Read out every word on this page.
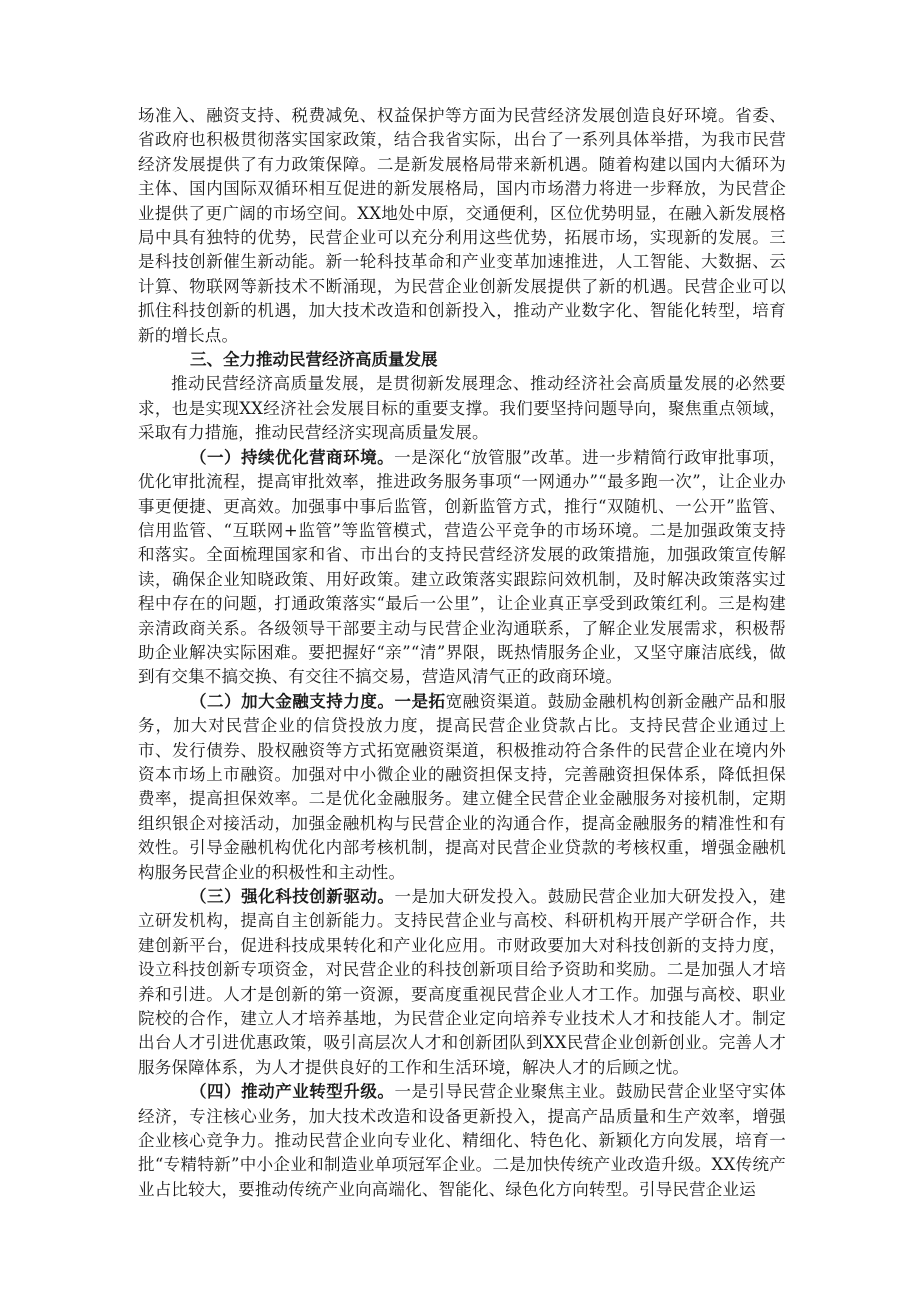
场准入、融资支持、税费减免、权益保护等方面为民营经济发展创造良好环境。省委、省政府也积极贯彻落实国家政策，结合我省实际，出台了一系列具体举措，为我市民营经济发展提供了有力政策保障。二是新发展格局带来新机遇。随着构建以国内大循环为主体、国内国际双循环相互促进的新发展格局，国内市场潜力将进一步释放，为民营企业提供了更广阔的市场空间。XX地处中原，交通便利，区位优势明显，在融入新发展格局中具有独特的优势，民营企业可以充分利用这些优势，拓展市场，实现新的发展。三是科技创新催生新动能。新一轮科技革命和产业变革加速推进，人工智能、大数据、云计算、物联网等新技术不断涌现，为民营企业创新发展提供了新的机遇。民营企业可以抓住科技创新的机遇，加大技术改造和创新投入，推动产业数字化、智能化转型，培育新的增长点。

三、全力推动民营经济高质量发展

推动民营经济高质量发展，是贯彻新发展理念、推动经济社会高质量发展的必然要求，也是实现XX经济社会发展目标的重要支撑。我们要坚持问题导向，聚焦重点领域，采取有力措施，推动民营经济实现高质量发展。

（一）持续优化营商环境。一是深化“放管服”改革。进一步精简行政审批事项，优化审批流程，提高审批效率，推进政务服务事项“一网通办”“最多跑一次”，让企业办事更便捷、更高效。加强事中事后监管，创新监管方式，推行“双随机、一公开”监管、信用监管、“互联网+监管”等监管模式，营造公平竞争的市场环境。二是加强政策支持和落实。全面梳理国家和省、市出台的支持民营经济发展的政策措施，加强政策宣传解读，确保企业知晓政策、用好政策。建立政策落实跟踪问效机制，及时解决政策落实过程中存在的问题，打通政策落实“最后一公里”，让企业真正享受到政策红利。三是构建亲清政商关系。各级领导干部要主动与民营企业沟通联系，了解企业发展需求，积极帮助企业解决实际困难。要把握好“亲”“清”界限，既热情服务企业，又坚守廉洁底线，做到有交集不搞交换、有交往不搞交易，营造风清气正的政商环境。

（二）加大金融支持力度。一是拓宽融资渠道。鼓励金融机构创新金融产品和服务，加大对民营企业的信贷投放力度，提高民营企业贷款占比。支持民营企业通过上市、发行债券、股权融资等方式拓宽融资渠道，积极推动符合条件的民营企业在境内外资本市场上市融资。加强对中小微企业的融资担保支持，完善融资担保体系，降低担保费率，提高担保效率。二是优化金融服务。建立健全民营企业金融服务对接机制，定期组织银企对接活动，加强金融机构与民营企业的沟通合作，提高金融服务的精准性和有效性。引导金融机构优化内部考核机制，提高对民营企业贷款的考核权重，增强金融机构服务民营企业的积极性和主动性。

（三）强化科技创新驱动。一是加大研发投入。鼓励民营企业加大研发投入，建立研发机构，提高自主创新能力。支持民营企业与高校、科研机构开展产学研合作，共建创新平台，促进科技成果转化和产业化应用。市财政要加大对科技创新的支持力度，设立科技创新专项资金，对民营企业的科技创新项目给予资助和奖励。二是加强人才培养和引进。人才是创新的第一资源，要高度重视民营企业人才工作。加强与高校、职业院校的合作，建立人才培养基地，为民营企业定向培养专业技术人才和技能人才。制定出台人才引进优惠政策，吸引高层次人才和创新团队到XX民营企业创新创业。完善人才服务保障体系，为人才提供良好的工作和生活环境，解决人才的后顾之忧。

（四）推动产业转型升级。一是引导民营企业聚焦主业。鼓励民营企业坚守实体经济，专注核心业务，加大技术改造和设备更新投入，提高产品质量和生产效率，增强企业核心竞争力。推动民营企业向专业化、精细化、特色化、新颖化方向发展，培育一批“专精特新”中小企业和制造业单项冠军企业。二是加快传统产业改造升级。XX传统产业占比较大，要推动传统产业向高端化、智能化、绿色化方向转型。引导民营企业运
